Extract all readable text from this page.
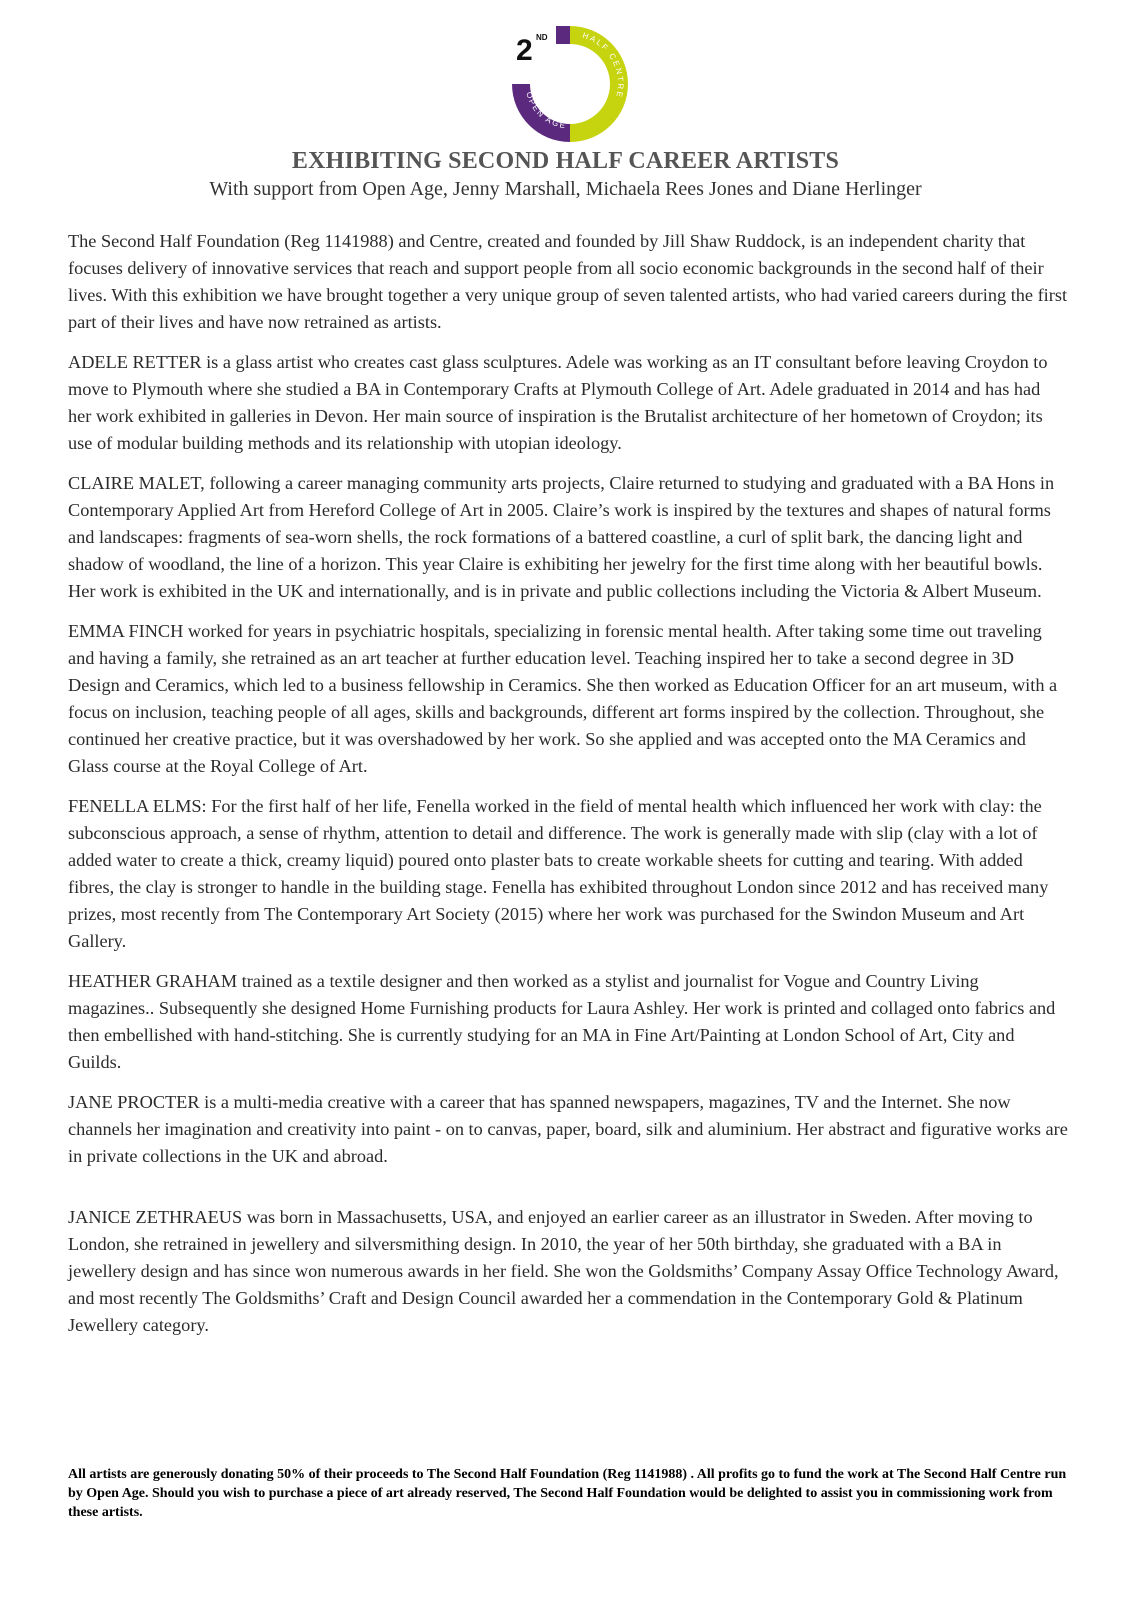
2 ND	HALF CENTRE
OPEN AGE
EXHIBITING SECOND HALF CAREER ARTISTS
With support from Open Age, Jenny Marshall, Michaela Rees Jones and Diane Herlinger

The Second Half Foundation (Reg 1141988) and Centre, created and founded by Jill Shaw Ruddock, is an independent charity that focuses delivery of innovative services that reach and support people from all socio economic backgrounds in the second half of their lives. With this exhibition we have brought together a very unique group of seven talented artists, who had varied careers during the first part of their lives and have now retrained as artists.

ADELE RETTER is a glass artist who creates cast glass sculptures. Adele was working as an IT consultant before leaving Croydon to move to Plymouth where she studied a BA in Contemporary Crafts at Plymouth College of Art. Adele graduated in 2014 and has had her work exhibited in galleries in Devon. Her main source of inspiration is the Brutalist architecture of her hometown of Croydon; its use of modular building methods and its relationship with utopian ideology.

CLAIRE MALET, following a career managing community arts projects, Claire returned to studying and graduated with a BA Hons in Contemporary Applied Art from Hereford College of Art in 2005. Claire’s work is inspired by the textures and shapes of natural forms and landscapes: fragments of sea-worn shells, the rock formations of a battered coastline, a curl of split bark, the dancing light and shadow of woodland, the line of a horizon. This year Claire is exhibiting her jewelry for the first time along with her beautiful bowls. Her work is exhibited in the UK and internationally, and is in private and public collections including the Victoria & Albert Museum.

EMMA FINCH worked for years in psychiatric hospitals, specializing in forensic mental health. After taking some time out traveling and having a family, she retrained as an art teacher at further education level. Teaching inspired her to take a second degree in 3D Design and Ceramics, which led to a business fellowship in Ceramics. She then worked as Education Officer for an art museum, with a focus on inclusion, teaching people of all ages, skills and backgrounds, different art forms inspired by the collection. Throughout, she continued her creative practice, but it was overshadowed by her work. So she applied and was accepted onto the MA Ceramics and Glass course at the Royal College of Art.

FENELLA ELMS: For the first half of her life, Fenella worked in the field of mental health which influenced her work with clay: the subconscious approach, a sense of rhythm, attention to detail and difference. The work is generally made with slip (clay with a lot of added water to create a thick, creamy liquid) poured onto plaster bats to create workable sheets for cutting and tearing. With added fibres, the clay is stronger to handle in the building stage. Fenella has exhibited throughout London since 2012 and has received many prizes, most recently from The Contemporary Art Society (2015) where her work was purchased for the Swindon Museum and Art Gallery.

HEATHER GRAHAM trained as a textile designer and then worked as a stylist and journalist for Vogue and Country Living magazines.. Subsequently she designed Home Furnishing products for Laura Ashley. Her work is printed and collaged onto fabrics and then embellished with hand-stitching. She is currently studying for an MA in Fine Art/Painting at London School of Art, City and Guilds.

JANE PROCTER is a multi-media creative with a career that has spanned newspapers, magazines, TV and the Internet. She now channels her imagination and creativity into paint - on to canvas, paper, board, silk and aluminium. Her abstract and figurative works are in private collections in the UK and abroad.

JANICE ZETHRAEUS was born in Massachusetts, USA, and enjoyed an earlier career as an illustrator in Sweden. After moving to London, she retrained in jewellery and silversmithing design. In 2010, the year of her 50th birthday, she graduated with a BA in jewellery design and has since won numerous awards in her field. She won the Goldsmiths’ Company Assay Office Technology Award, and most recently The Goldsmiths’ Craft and Design Council awarded her a commendation in the Contemporary Gold & Platinum Jewellery category.

All artists are generously donating 50% of their proceeds to The Second Half Foundation (Reg 1141988) . All profits go to fund the work at The Second Half Centre run by Open Age. Should you wish to purchase a piece of art already reserved, The Second Half Foundation would be delighted to assist you in commissioning work from these artists.
